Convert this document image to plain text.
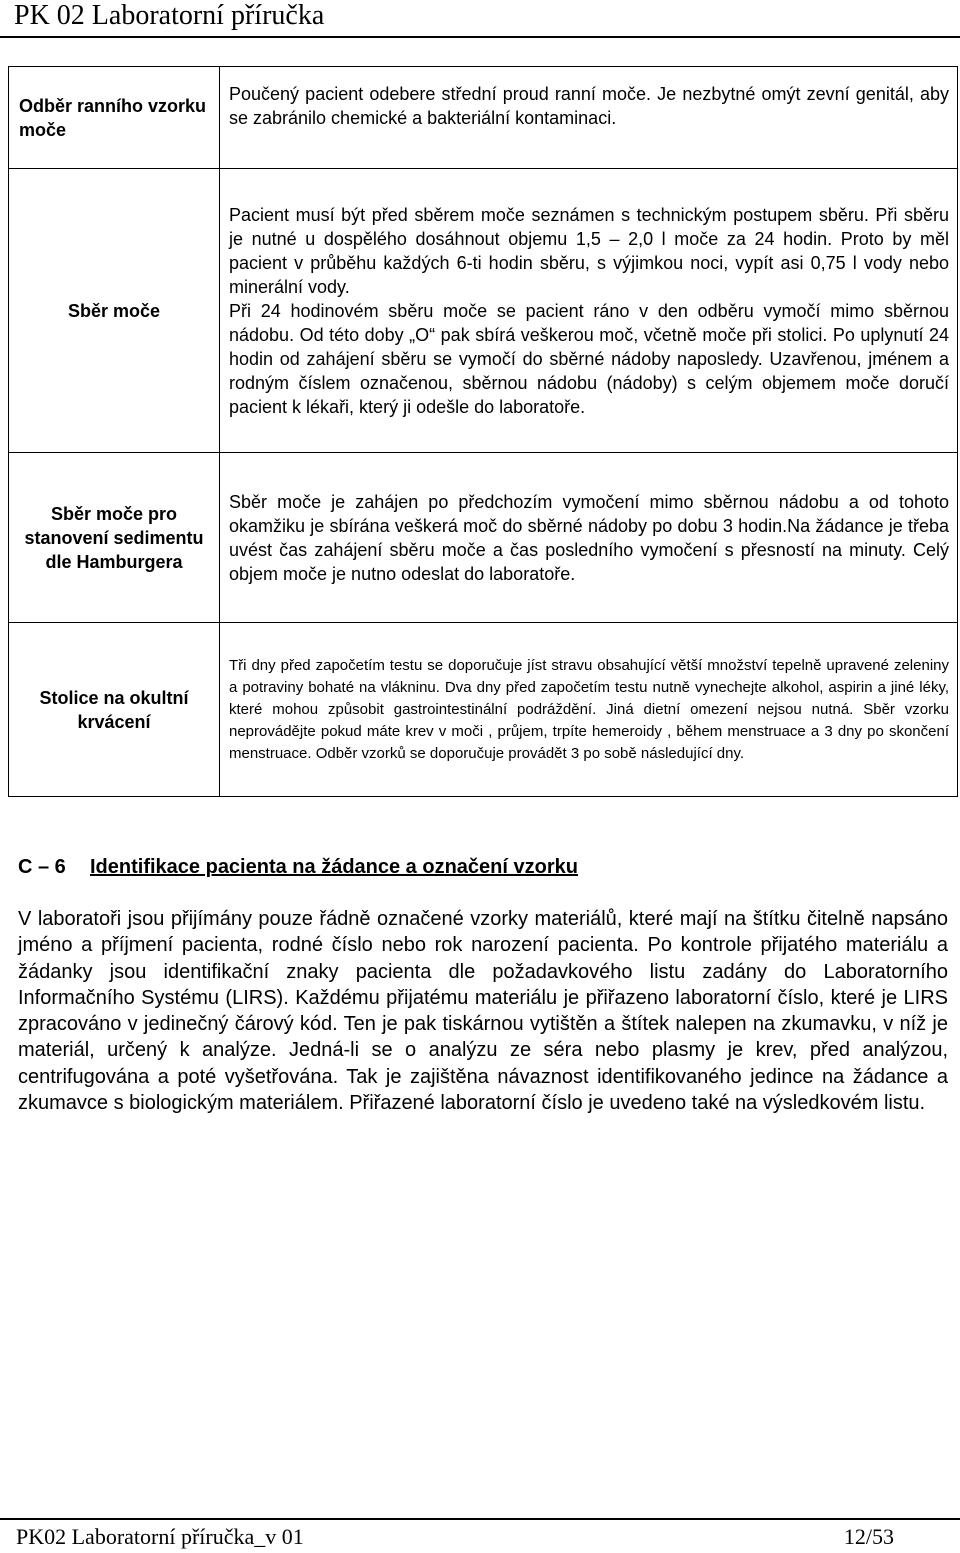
PK 02 Laboratorní příručka
Odběr ranního vzorku moče	Poučený pacient odebere střední proud ranní moče. Je nezbytné omýt zevní genitál, aby se zabránilo chemické a bakteriální kontaminaci.

Sběr moče	Pacient musí být před sběrem moče seznámen s technickým postupem sběru. Při sběru je nutné u dospělého dosáhnout objemu 1,5 – 2,0 l moče za 24 hodin. Proto by měl pacient v průběhu každých 6-ti hodin sběru, s výjimkou noci, vypít asi 0,75 l vody nebo minerální vody.
Při 24 hodinovém sběru moče se pacient ráno v den odběru vymočí mimo sběrnou nádobu. Od této doby „O“ pak sbírá veškerou moč, včetně moče při stolici. Po uplynutí 24 hodin od zahájení sběru se vymočí do sběrné nádoby naposledy. Uzavřenou, jménem a rodným číslem označenou, sběrnou nádobu (nádoby) s celým objemem moče doručí pacient k lékaři, který ji odešle do laboratoře.

Sběr moče pro stanovení sedimentu dle Hamburgera	Sběr moče je zahájen po předchozím vymočení mimo sběrnou nádobu a od tohoto okamžiku je sbírána veškerá moč do sběrné nádoby po dobu 3 hodin.Na žádance je třeba uvést čas zahájení sběru moče a čas posledního vymočení s přesností na minuty. Celý objem moče je nutno odeslat do laboratoře.

Stolice na okultní krvácení	Tři dny před započetím testu se doporučuje jíst stravu obsahující větší množství tepelně upravené zeleniny a potraviny bohaté na vlákninu. Dva dny před započetím testu nutně vynechejte alkohol, aspirin a jiné léky, které mohou způsobit gastrointestinální podráždění. Jiná dietní omezení nejsou nutná. Sběr vzorku neprovádějte pokud máte krev v moči , průjem, trpíte hemeroidy , během menstruace a 3 dny po skončení menstruace. Odběr vzorků se doporučuje provádět 3 po sobě následující dny.
C – 6 Identifikace pacienta na žádance a označení vzorku
V laboratoři jsou přijímány pouze řádně označené vzorky materiálů, které mají na štítku čitelně napsáno jméno a příjmení pacienta, rodné číslo nebo rok narození pacienta. Po kontrole přijatého materiálu a žádanky jsou identifikační znaky pacienta dle požadavkového listu zadány do Laboratorního Informačního Systému (LIRS). Každému přijatému materiálu je přiřazeno laboratorní číslo, které je LIRS zpracováno v jedinečný čárový kód. Ten je pak tiskárnou vytištěn a štítek nalepen na zkumavku, v níž je materiál, určený k analýze. Jedná-li se o analýzu ze séra nebo plasmy je krev, před analýzou, centrifugována a poté vyšetřována. Tak je zajištěna návaznost identifikovaného jedince na žádance a zkumavce s biologickým materiálem. Přiřazené laboratorní číslo je uvedeno také na výsledkovém listu.
PK02 Laboratorní příručka_v 01	12/53
